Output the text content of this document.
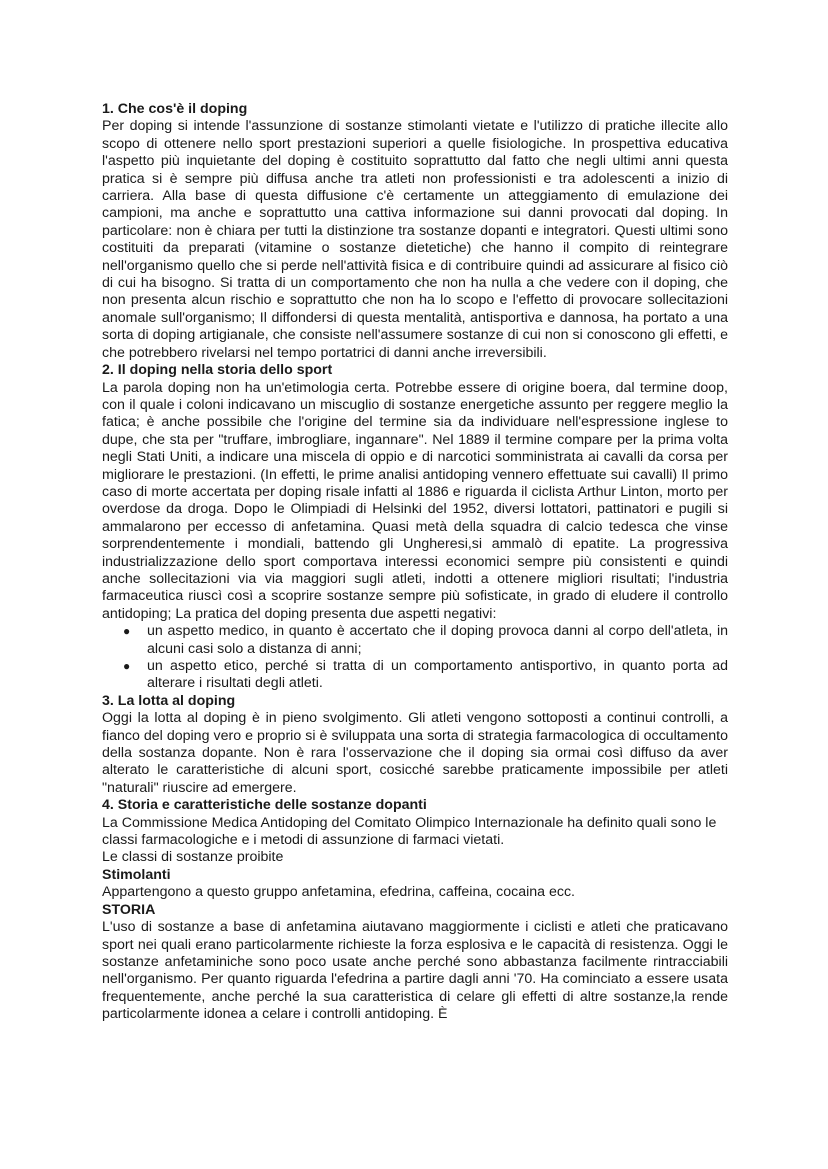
1. Che cos'è il doping

Per doping si intende l'assunzione di sostanze stimolanti vietate e l'utilizzo di pratiche illecite allo scopo di ottenere nello sport prestazioni superiori a quelle fisiologiche. In prospettiva educativa l'aspetto più inquietante del doping è costituito soprattutto dal fatto che negli ultimi anni questa pratica si è sempre più diffusa anche tra atleti non professionisti e tra adolescenti a inizio di carriera. Alla base di questa diffusione c'è certamente un atteggiamento di emulazione dei campioni, ma anche e soprattutto una cattiva informazione sui danni provocati dal doping. In particolare: non è chiara per tutti la distinzione tra sostanze dopanti e integratori. Questi ultimi sono costituiti da preparati (vitamine o sostanze dietetiche) che hanno il compito di reintegrare nell'organismo quello che si perde nell'attività fisica e di contribuire quindi ad assicurare al fisico ciò di cui ha bisogno. Si tratta di un comportamento che non ha nulla a che vedere con il doping, che non presenta alcun rischio e soprattutto che non ha lo scopo e l'effetto di provocare sollecitazioni anomale sull'organismo; Il diffondersi di questa mentalità, antisportiva e dannosa, ha portato a una sorta di doping artigianale, che consiste nell'assumere sostanze di cui non si conoscono gli effetti, e che potrebbero rivelarsi nel tempo portatrici di danni anche irreversibili.

2. Il doping nella storia dello sport

La parola doping non ha un'etimologia certa. Potrebbe essere di origine boera, dal termine doop, con il quale i coloni indicavano un miscuglio di sostanze energetiche assunto per reggere meglio la fatica; è anche possibile che l'origine del termine sia da individuare nell'espressione inglese to dupe, che sta per "truffare, imbrogliare, ingannare". Nel 1889 il termine compare per la prima volta negli Stati Uniti, a indicare una miscela di oppio e di narcotici somministrata ai cavalli da corsa per migliorare le prestazioni. (In effetti, le prime analisi antidoping vennero effettuate sui cavalli) Il primo caso di morte accertata per doping risale infatti al 1886 e riguarda il ciclista Arthur Linton, morto per overdose da droga. Dopo le Olimpiadi di Helsinki del 1952, diversi lottatori, pattinatori e pugili si ammalarono per eccesso di anfetamina. Quasi metà della squadra di calcio tedesca che vinse sorprendentemente i mondiali, battendo gli Ungheresi,si ammalò di epatite. La progressiva industrializzazione dello sport comportava interessi economici sempre più consistenti e quindi anche sollecitazioni via via maggiori sugli atleti, indotti a ottenere migliori risultati; l'industria farmaceutica riuscì così a scoprire sostanze sempre più sofisticate, in grado di eludere il controllo antidoping; La pratica del doping presenta due aspetti negativi:

● un aspetto medico, in quanto è accertato che il doping provoca danni al corpo dell'atleta, in alcuni casi solo a distanza di anni;
● un aspetto etico, perché si tratta di un comportamento antisportivo, in quanto porta ad alterare i risultati degli atleti.
3. La lotta al doping

Oggi la lotta al doping è in pieno svolgimento. Gli atleti vengono sottoposti a continui controlli, a fianco del doping vero e proprio si è sviluppata una sorta di strategia farmacologica di occultamento della sostanza dopante. Non è rara l'osservazione che il doping sia ormai così diffuso da aver alterato le caratteristiche di alcuni sport, cosicché sarebbe praticamente impossibile per atleti "naturali" riuscire ad emergere.

4. Storia e caratteristiche delle sostanze dopanti

La Commissione Medica Antidoping del Comitato Olimpico Internazionale ha definito quali sono le classi farmacologiche e i metodi di assunzione di farmaci vietati.

Le classi di sostanze proibite

Stimolanti

Appartengono a questo gruppo anfetamina, efedrina, caffeina, cocaina ecc.

STORIA

L'uso di sostanze a base di anfetamina aiutavano maggiormente i ciclisti e atleti che praticavano sport nei quali erano particolarmente richieste la forza esplosiva e le capacità di resistenza. Oggi le sostanze anfetaminiche sono poco usate anche perché sono abbastanza facilmente rintracciabili nell'organismo. Per quanto riguarda l'efedrina a partire dagli anni '70. Ha cominciato a essere usata frequentemente, anche perché la sua caratteristica di celare gli effetti di altre sostanze,la rende particolarmente idonea a celare i controlli antidoping. È
